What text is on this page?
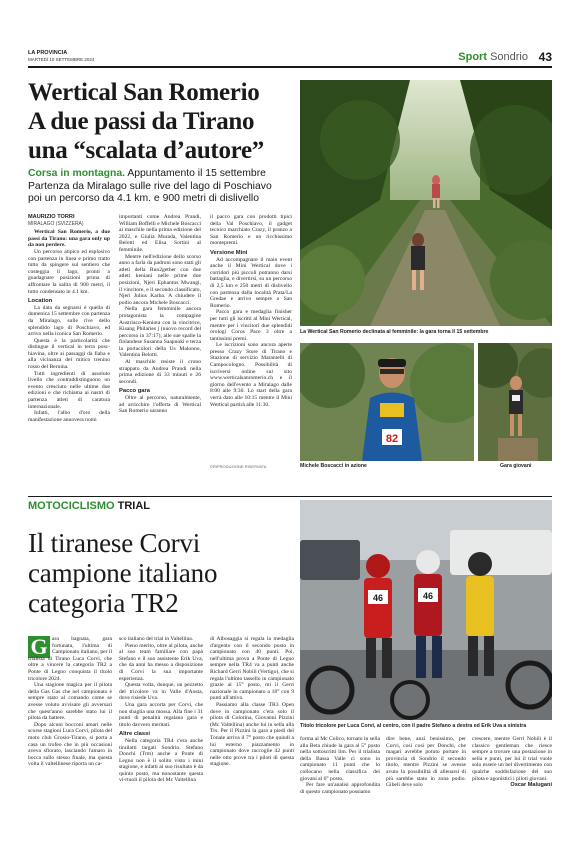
LA PROVINCIA
MARTEDÌ 10 SETTEMBRE 2024	Sport Sondrio 43
Wertical San Romerio
A due passi da Tirano
una “scalata d’autore”
Corsa in montagna. Appuntamento il 15 settembre
Partenza da Miralago sulle rive del lago di Poschiavo
poi un percorso da 4.1 km. e 900 metri di dislivello

MAURIZIO TORRI

MIRALAGO (SVIZZERA)

Wertical San Romerio, a due passi da Tirano: una gara only up da non perdere.

Un percorso atipico ed esplosivo con partenza in linea e primo tratto tutto da spingere sul sentiero che costeggia il lago, pronti a guadagnare posizioni prima di affrontare la salita di 900 metri, il tutto condensato in 4.1 km.

Location

La data da segnarsi è quella di domenica 15 settembre con partenza da Miralago, sulle rive dello splendido lago di Poschiavo, ed arrivo nella iconica San Romerio.

Questa è la particolarità che distingue il vertical in terra posc-hiavina, oltre ai passaggi da fiaba e alla vicinanza del mitico trenino rosso del Bernina.

Tutti ingredienti di assoluto livello che contraddistinguono un evento cresciuto nelle ultime due edizioni e che richiama ai nastri di partenza atleti di caratura internazionale.

Infatti, l'albo d'oro della manifestazione annovera nomi

importanti come Andrea Prandi, William Boffelli e Michele Boscacci ai maschile nella prima edizione del 2022, e Giulia Murada, Valentina Belotti ed Elisa Sortini al femminile.

Mentre nell'edizione dello scorso anno a farla da padroni sono stati gli atleti della Run2gether con due atleti keniani nelle prime due posizioni, Njeri Ephantus Mwangi, il vincitore, e il secondo classificato, Njeri Julius Karba. A chiudere il podio ancora Michele Boscacci.

Nella gara femminile ancora protagonista la compagine Austriaco-Keniota con la vincitrice, Kisang Philaries j (nuovo record del percorso in 37:17), alle sue spalle la finlandese Susanna Saapunki e terza la portacolori della Us Malonno, Valentina Belotti.

Al maschile resiste il crono strappato da Andrea Prandi nella prima edizione di 33 minuti e 26 secondi.

Pacco gara

Oltre al percorso, naturalmente, ad arricchire l'offerta di Wertical San Romerio saranno

il pacco gara con prodotti tipici della Val Poschiavo, il gadget tecnico marchiato Crazy, il pranzo a San Romerio e un ricchissimo montepremi.

Versione Mini

Ad accompagnare il main event anche il Mini Wertical dove i corridori più piccoli potranno darsi battaglia, e divertirsi, su un percorso di 2,5 km e 250 metri di dislivello con partenza dalla località Prata/La Gredae e arrivo sempre a San Romerio.

Pacco gara e medaglia finisher per tutti gli iscritti al Mini Wertical, mentre per i vincitori due splendidi orologi Coros Pace 3 oltre a tantissimi premi.

Le iscrizioni sono ancora aperte presso Crazy Store di Tirano e Stazione di servizio Marantelli di Campocologno. Possibilità di iscriversi online sul sito www.werticalsanromerio.ch e il giorno dell'evento a Miralago dalle 8:00 alle 9:30. Lo start della gara verrà dato alle 10:15 mentre il Mini Wertical partirà alle 11:30.

©RIPRODUZIONE RISERVATA
La Wertical San Romerio declinata al femminile: la gara torna il 15 settembre
82
Michele Boscacci in azione	Gara giovani
MOTOCICLISMO TRIAL
Il tiranese Corvi
campione italiano
categoria TR2
G ara bagnata, gara fortunata, l'ultima di Campionato italiano, per il trialista di Tirano Luca Corvi, che oltre a vincere la categoria TR2 a Ponte di Legno conquista il titolo tricolore 2024.

Una stagione magica per il pilota della Gas Gas che nel campionato è sempre stato al comando come se avesse voluto avvisare gli avversari che quest'anno sarebbe stato lui il pilota da battere.

Dopo alcuni bocconi amari nelle scorse stagioni Luca Corvi, pilota del moto club Grosio-Tirano, si porta a casa un trofeo che in più occasioni aveva sfiorato, lasciando l'amaro in bocca sullo stesso finale, ma questa volta il valtellinese riporta un ca-

sco italiano del trial in Valtellina.

Pieno merito, oltre al pilota, anche al suo team familiare con papà Stefano e il suo assistente Erik Uva, che da anni ha messo a disposizione di Corvi la sua importante esperienza.

Questa volta, dunque, un pezzetto del tricolore va in Valle d'Aosta, dove risiede Uva.

Una gara accorta per Corvi, che non sbaglia una mossa. Alla fine i 31 punti di penalità regalano gara e titolo davvero meritati.

Altre classi

Nella categoria TR4 c'era anche tirailatti targati Sondrio. Stefano Donchi (Trm) anche a Ponte di Legno non è il solito visto i mini stagione, e infatti al suo risultato è da quinto posto, ma nonostante questa vi-rtuoli il pilota del Mc Valtellina

di Albosaggia si regala la medaglia d'argento con il secondo posto in campionato con 40 punti. Poi, nell'ultima prova a Ponte di Legno sempre nella TR4 va a punti anche Richard Gerri Nobili (Vertigo), che si regala l'ultimo tassello in campionato grazie al 15° posto, mi il Gerri nazionale in campionato a 18° con 9 punti all'attivo.

Passiamo alla classe TR3 Open dove in campionato c'era solo il pilota di Colorina, Giovanni Pizzini (Mc Valtellina) anche lui in sella alla Trs. Per il Pizzini la gara a piedi del Tonale arriva il 7° posto che quindi a lui esterno piazzamento in campionato dove raccoglie 42 punti nelle otto prove tra i piloti di questa stagione.

46	46
Titolo tricolore per Luca Corvi, al centro, con il padre Stefano a destra ed Erik Uva a sinistra

forma al Mc Colico, tornato in sella alla Beta chiude la gara al 5° posto nella sottoscritti lim. Per il trialista della Bassa Valle ci sono in campionato 11 punti che lo collocano nella classifica dei giovani al 6° posto.

Per fare un'analisi approfondita di questo campionato possiamo

dire bene, anzi benissimo, per Corvi, così così per Donchi, che magari avrebbe potuto portare in provincia di Sondrio il secondo titolo, mentre Pizzini se avesse avuto la possibilità di allenarsi di più sarebbe stato in zona podio. Gibeli deve solo

crescere, mentre Gerri Nobili è il classico gentleman che riesce sempre a trovare una postazione in sella e punti, per lui il trial vuole solo essere un bel divertimento con qualche soddisfazione del suo pilota e agonistici i piloti giovani.

Oscar Malugani
